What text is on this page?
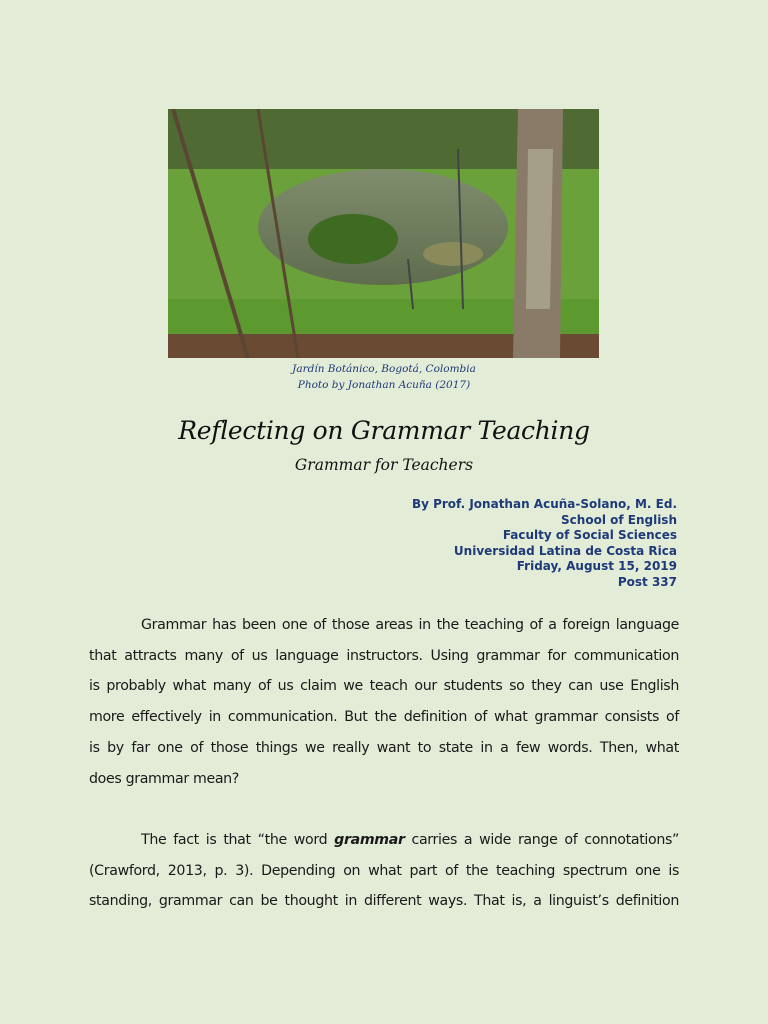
Jardín Botánico, Bogotá, Colombia
Photo by Jonathan Acuña (2017)
Reflecting on Grammar Teaching
Grammar for Teachers
By Prof. Jonathan Acuña-Solano, M. Ed.
School of English
Faculty of Social Sciences
Universidad Latina de Costa Rica
Friday, August 15, 2019
Post 337
Grammar has been one of those areas in the teaching of a foreign language
that attracts many of us language instructors. Using grammar for communication
is probably what many of us claim we teach our students so they can use English
more effectively in communication. But the definition of what grammar consists of
is by far one of those things we really want to state in a few words. Then, what
does grammar mean?
The fact is that “the word grammar carries a wide range of connotations”
(Crawford, 2013, p. 3). Depending on what part of the teaching spectrum one is
standing, grammar can be thought in different ways. That is, a linguist’s definition
